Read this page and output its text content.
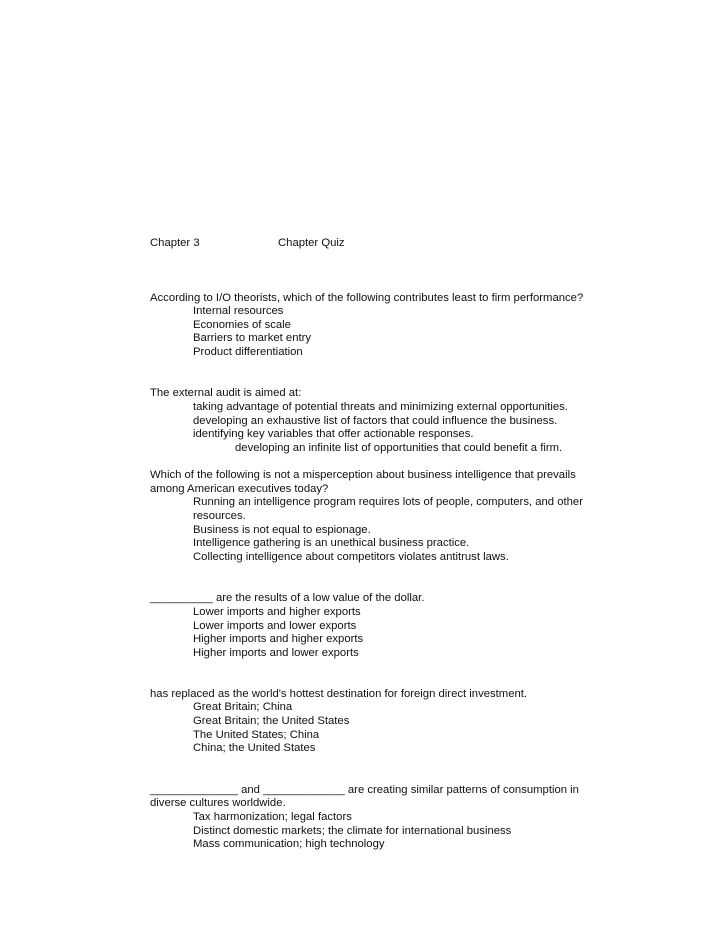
Chapter 3	Chapter Quiz
According to I/O theorists, which of the following contributes least to firm performance?
Internal resources
Economies of scale
Barriers to market entry
Product differentiation
The external audit is aimed at:
taking advantage of potential threats and minimizing external opportunities.
developing an exhaustive list of factors that could influence the business.
identifying key variables that offer actionable responses.
developing an infinite list of opportunities that could benefit a firm.
Which of the following is not a misperception about business intelligence that prevails
among American executives today?
Running an intelligence program requires lots of people, computers, and other
resources.
Business is not equal to espionage.
Intelligence gathering is an unethical business practice.
Collecting intelligence about competitors violates antitrust laws.
__________ are the results of a low value of the dollar.
Lower imports and higher exports
Lower imports and lower exports
Higher imports and higher exports
Higher imports and lower exports
has replaced as the world's hottest destination for foreign direct investment.
Great Britain; China
Great Britain; the United States
The United States; China
China; the United States
______________ and _____________ are creating similar patterns of consumption in
diverse cultures worldwide.
Tax harmonization; legal factors
Distinct domestic markets; the climate for international business
Mass communication; high technology
